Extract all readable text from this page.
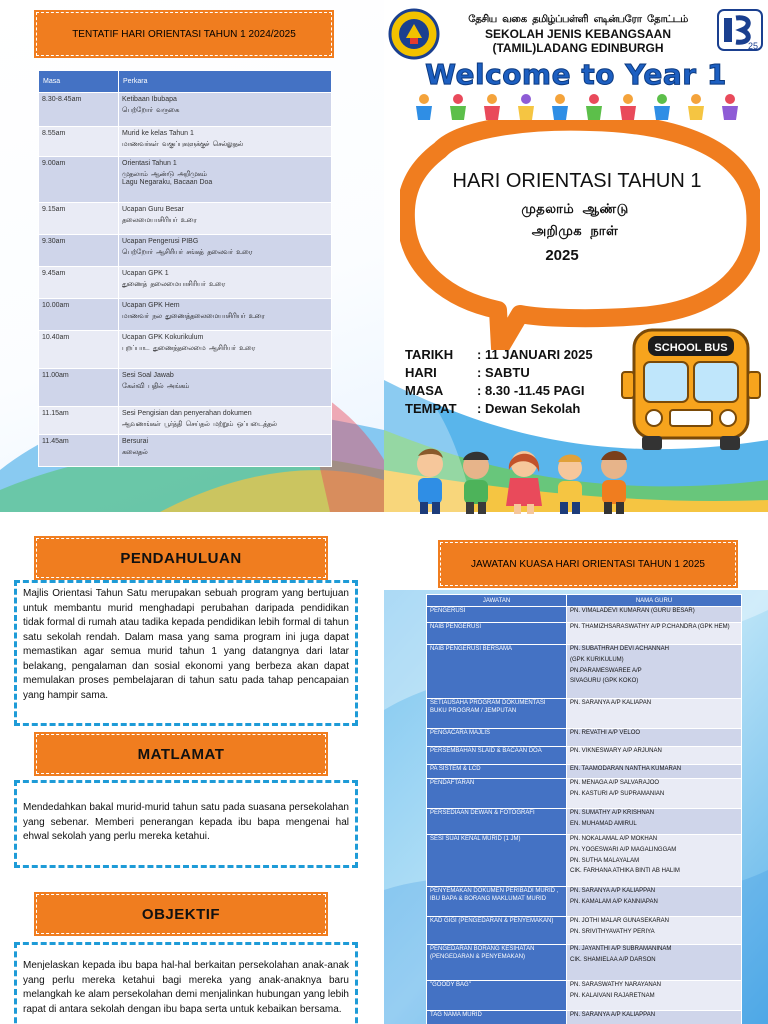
TENTATIF HARI ORIENTASI TAHUN 1 2024/2025
Masa	Perkara
8.30-8.45am	Ketibaan Ibubapa
பெற்றோர் வருகை

8.55am	Murid ke kelas Tahun 1
மாணவர்கள் வகுப்புகளுக்குச் செல்லுதல்

9.00am	Orientasi Tahun 1
முதலாம் ஆண்டு அறிமுகம்
Lagu Negaraku, Bacaan Doa

9.15am	Ucapan Guru Besar
தலைமையாசிரியர் உரை

9.30am	Ucapan Pengerusi PIBG
பெற்றோர் ஆசிரியர் சங்கத் தலைவர் உரை

9.45am	Ucapan GPK 1
துணைத் தலைமையாசிரியர் உரை

10.00am	Ucapan GPK Hem
மாணவர் நல துணைத்தலைமையாசிரியர் உரை

10.40am	Ucapan GPK Kokurikulum
புறப்பாட துணைத்தலைமை ஆசிரியர் உரை

11.00am	Sesi Soal Jawab
கேள்வி பதில் அங்கம்

11.15am	Sesi Pengisian dan penyerahan dokumen
ஆவணங்கள் பூர்த்தி செய்தல் மற்றும் ஒப்படைத்தல்

11.45am	Bersurai
கலைதல்
தேசிய வகை தமிழ்ப்பள்ளி எடின்பரோ தோட்டம்
SEKOLAH JENIS KEBANGSAAN
(TAMIL)LADANG EDINBURGH	25
Welcome to Year 1
HARI ORIENTASI TAHUN 1
முதலாம் ஆண்டு
அறிமுக நாள்
2025
TARIKH	: 11 JANUARI 2025
HARI	: SABTU
MASA	: 8.30 -11.45 PAGI
TEMPAT	: Dewan Sekolah
SCHOOL BUS
PENDAHULUAN
Majlis Orientasi Tahun Satu merupakan sebuah program yang bertujuan untuk membantu murid menghadapi perubahan daripada pendidikan tidak formal di rumah atau tadika kepada pendidikan lebih formal di tahun satu sekolah rendah. Dalam masa yang sama program ini juga dapat memastikan agar semua murid tahun 1 yang datangnya dari latar belakang, pengalaman dan sosial ekonomi yang berbeza akan dapat memulakan proses pembelajaran di tahun satu pada tahap pencapaian yang hampir sama.
MATLAMAT
Mendedahkan bakal murid-murid tahun satu pada suasana persekolahan yang sebenar. Memberi penerangan kepada ibu bapa mengenai hal ehwal sekolah yang perlu mereka ketahui.
OBJEKTIF
Menjelaskan kepada ibu bapa hal-hal berkaitan persekolahan anak-anak yang perlu mereka ketahui bagi mereka yang anak-anaknya baru melangkah ke alam persekolahan demi menjalinkan hubungan yang lebih rapat di antara sekolah dengan ibu bapa serta untuk kebaikan bersama.
JAWATAN KUASA HARI ORIENTASI TAHUN 1 2025
JAWATAN	NAMA GURU
PENGERUSI	PN. VIMALADEVI KUMARAN (GURU BESAR)

NAIB PENGERUSI	PN. THAMIZHSARASWATHY A/P P.CHANDRA (GPK HEM)

NAIB PENGERUSI BERSAMA	PN. SUBATHRAH DEVI ACHANNAH
(GPK KURIKULUM)
PN.PARAMESWAREE A/P
SIVAGURU (GPK KOKO)

SETIAUSAHA PROGRAM DOKUMENTASI BUKU PROGRAM / JEMPUTAN	PN. SARANYA A/P KALIAPAN

PENGACARA MAJLIS	PN. REVATHI A/P VELOO

PERSEMBAHAN SLAID & BACAAN DOA	PN. VIKNESWARY A/P ARJUNAN

PA SISTEM & LCD	EN. TAAMODARAN NANTHA KUMARAN

PENDAFTARAN	PN. MENAGA A/P SALVARAJOO
PN. KASTURI A/P SUPRAMANIAN

PERSEDIAAN DEWAN & FOTOGRAFI	PN. SUMATHY A/P KRISHNAN
EN. MUHAMAD AMIRUL

SESI SUAI KENAL MURID (1 JM)	PN. NOKALAMAL A/P MOKHAN
PN. YOGESWARI A/P MAGALINGGAM
PN. SUTHA MALAYALAM
CIK. FARHANA ATHIKA BINTI AB HALIM

PENYEMAKAN DOKUMEN PERIBADI MURID , IBU BAPA & BORANG MAKLUMAT MURID	PN. SARANYA A/P KALIAPPAN
PN. KAMALAM A/P KANNIAPAN

KAD GIGI (PENGEDARAN & PENYEMAKAN)	PN. JOTHI MALAR GUNASEKARAN
PN. SRIVITHYAVATHY PERIYA

PENGEDARAN BORANG KESIHATAN (PENGEDARAN & PENYEMAKAN)	PN. JAYANTHI A/P SUBRAMANINAM
CIK. SHAMIELAA A/P DARSON

"GOODY BAG"	PN. SARASWATHY NARAYANAN
PN. KALAIVANI RAJARETNAM

TAG NAMA MURID	PN. SARANYA A/P KALIAPPAN
